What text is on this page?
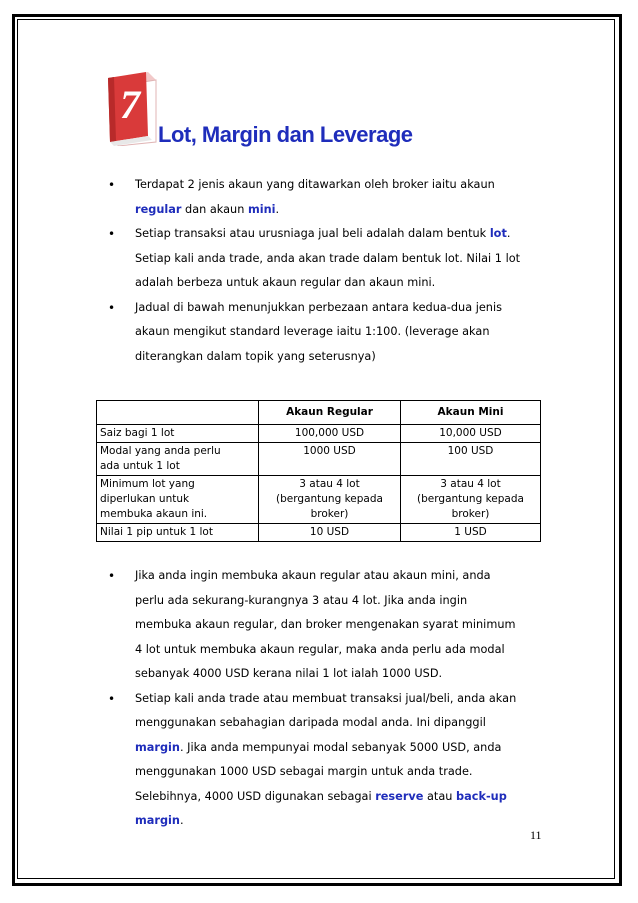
7
Lot, Margin dan Leverage
• Terdapat 2 jenis akaun yang ditawarkan oleh broker iaitu akaun
regular dan akaun mini.
• Setiap transaksi atau urusniaga jual beli adalah dalam bentuk lot.
Setiap kali anda trade, anda akan trade dalam bentuk lot. Nilai 1 lot
adalah berbeza untuk akaun regular dan akaun mini.
• Jadual di bawah menunjukkan perbezaan antara kedua-dua jenis
akaun mengikut standard leverage iaitu 1:100. (leverage akan
diterangkan dalam topik yang seterusnya)
	Akaun Regular	Akaun Mini
Saiz bagi 1 lot	100,000 USD	10,000 USD
Modal yang anda perlu
ada untuk 1 lot	1000 USD	100 USD
Minimum lot yang
diperlukan untuk
membuka akaun ini.	3 atau 4 lot
(bergantung kepada
broker)	3 atau 4 lot
(bergantung kepada
broker)
Nilai 1 pip untuk 1 lot	10 USD	1 USD
• Jika anda ingin membuka akaun regular atau akaun mini, anda
perlu ada sekurang-kurangnya 3 atau 4 lot. Jika anda ingin
membuka akaun regular, dan broker mengenakan syarat minimum
4 lot untuk membuka akaun regular, maka anda perlu ada modal
sebanyak 4000 USD kerana nilai 1 lot ialah 1000 USD.
• Setiap kali anda trade atau membuat transaksi jual/beli, anda akan
menggunakan sebahagian daripada modal anda. Ini dipanggil
margin. Jika anda mempunyai modal sebanyak 5000 USD, anda
menggunakan 1000 USD sebagai margin untuk anda trade.
Selebihnya, 4000 USD digunakan sebagai reserve atau back-up
margin.
11
